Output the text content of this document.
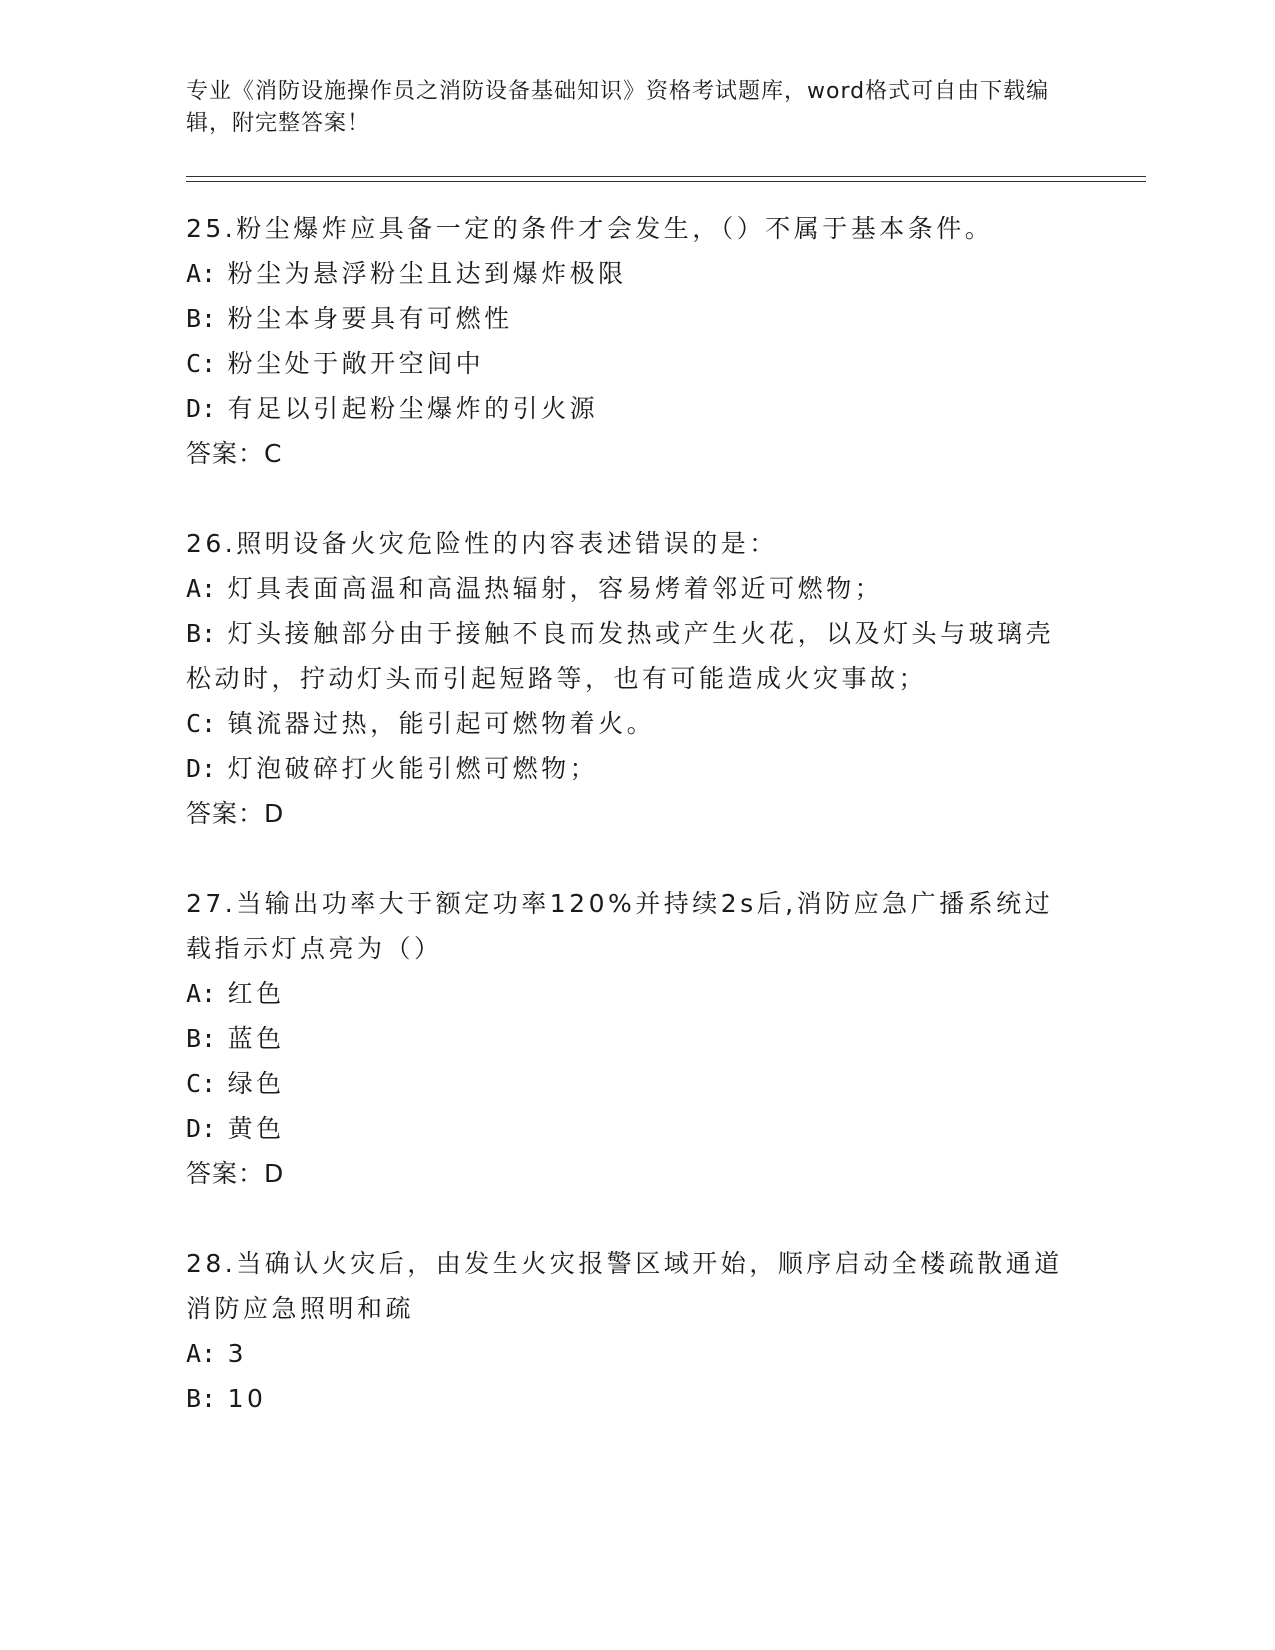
专业《消防设施操作员之消防设备基础知识》资格考试题库，word格式可自由下载编辑，附完整答案！
25.粉尘爆炸应具备一定的条件才会发生，（）不属于基本条件。
A: 粉尘为悬浮粉尘且达到爆炸极限
B: 粉尘本身要具有可燃性
C: 粉尘处于敞开空间中
D: 有足以引起粉尘爆炸的引火源
答案：C
26.照明设备火灾危险性的内容表述错误的是：
A: 灯具表面高温和高温热辐射，容易烤着邻近可燃物；
B: 灯头接触部分由于接触不良而发热或产生火花，以及灯头与玻璃壳松动时，拧动灯头而引起短路等，也有可能造成火灾事故；
C: 镇流器过热，能引起可燃物着火。
D: 灯泡破碎打火能引燃可燃物；
答案：D
27.当输出功率大于额定功率120%并持续2s后,消防应急广播系统过载指示灯点亮为（）
A: 红色
B: 蓝色
C: 绿色
D: 黄色
答案：D
28.当确认火灾后，由发生火灾报警区域开始，顺序启动全楼疏散通道消防应急照明和疏
A: 3
B: 10
